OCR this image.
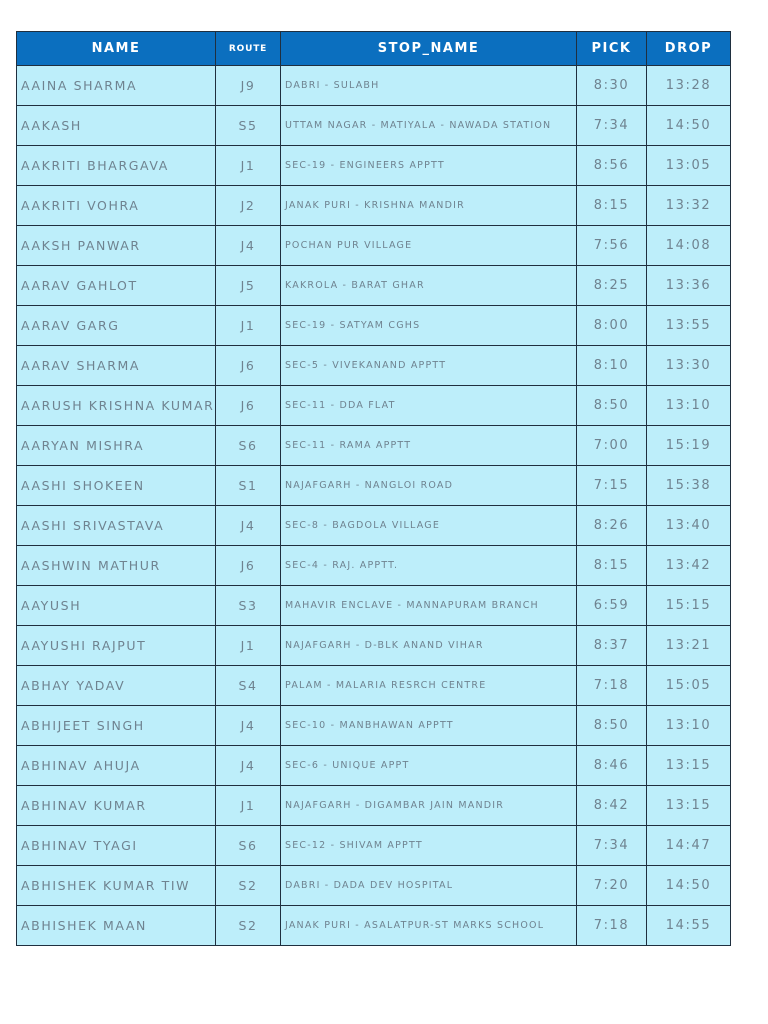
NAME	ROUTE	STOP_NAME	PICK	DROP
AAINA SHARMA	J9	DABRI - SULABH	8:30	13:28
AAKASH	S5	UTTAM NAGAR - MATIYALA - NAWADA STATION	7:34	14:50
AAKRITI BHARGAVA	J1	SEC-19 - ENGINEERS APPTT	8:56	13:05
AAKRITI VOHRA	J2	JANAK PURI - KRISHNA MANDIR	8:15	13:32
AAKSH PANWAR	J4	POCHAN PUR VILLAGE	7:56	14:08
AARAV GAHLOT	J5	KAKROLA - BARAT GHAR	8:25	13:36
AARAV GARG	J1	SEC-19 - SATYAM CGHS	8:00	13:55
AARAV SHARMA	J6	SEC-5 - VIVEKANAND APPTT	8:10	13:30
AARUSH KRISHNA KUMAR	J6	SEC-11 - DDA FLAT	8:50	13:10
AARYAN MISHRA	S6	SEC-11 - RAMA APPTT	7:00	15:19
AASHI SHOKEEN	S1	NAJAFGARH - NANGLOI ROAD	7:15	15:38
AASHI SRIVASTAVA	J4	SEC-8 - BAGDOLA VILLAGE	8:26	13:40
AASHWIN MATHUR	J6	SEC-4 - RAJ. APPTT.	8:15	13:42
AAYUSH	S3	MAHAVIR ENCLAVE - MANNAPURAM BRANCH	6:59	15:15
AAYUSHI RAJPUT	J1	NAJAFGARH - D-BLK ANAND VIHAR	8:37	13:21
ABHAY YADAV	S4	PALAM - MALARIA RESRCH CENTRE	7:18	15:05
ABHIJEET SINGH	J4	SEC-10 - MANBHAWAN APPTT	8:50	13:10
ABHINAV AHUJA	J4	SEC-6 - UNIQUE APPT	8:46	13:15
ABHINAV KUMAR	J1	NAJAFGARH - DIGAMBAR JAIN MANDIR	8:42	13:15
ABHINAV TYAGI	S6	SEC-12 - SHIVAM APPTT	7:34	14:47
ABHISHEK KUMAR TIW	S2	DABRI - DADA DEV HOSPITAL	7:20	14:50
ABHISHEK MAAN	S2	JANAK PURI - ASALATPUR-ST MARKS SCHOOL	7:18	14:55
